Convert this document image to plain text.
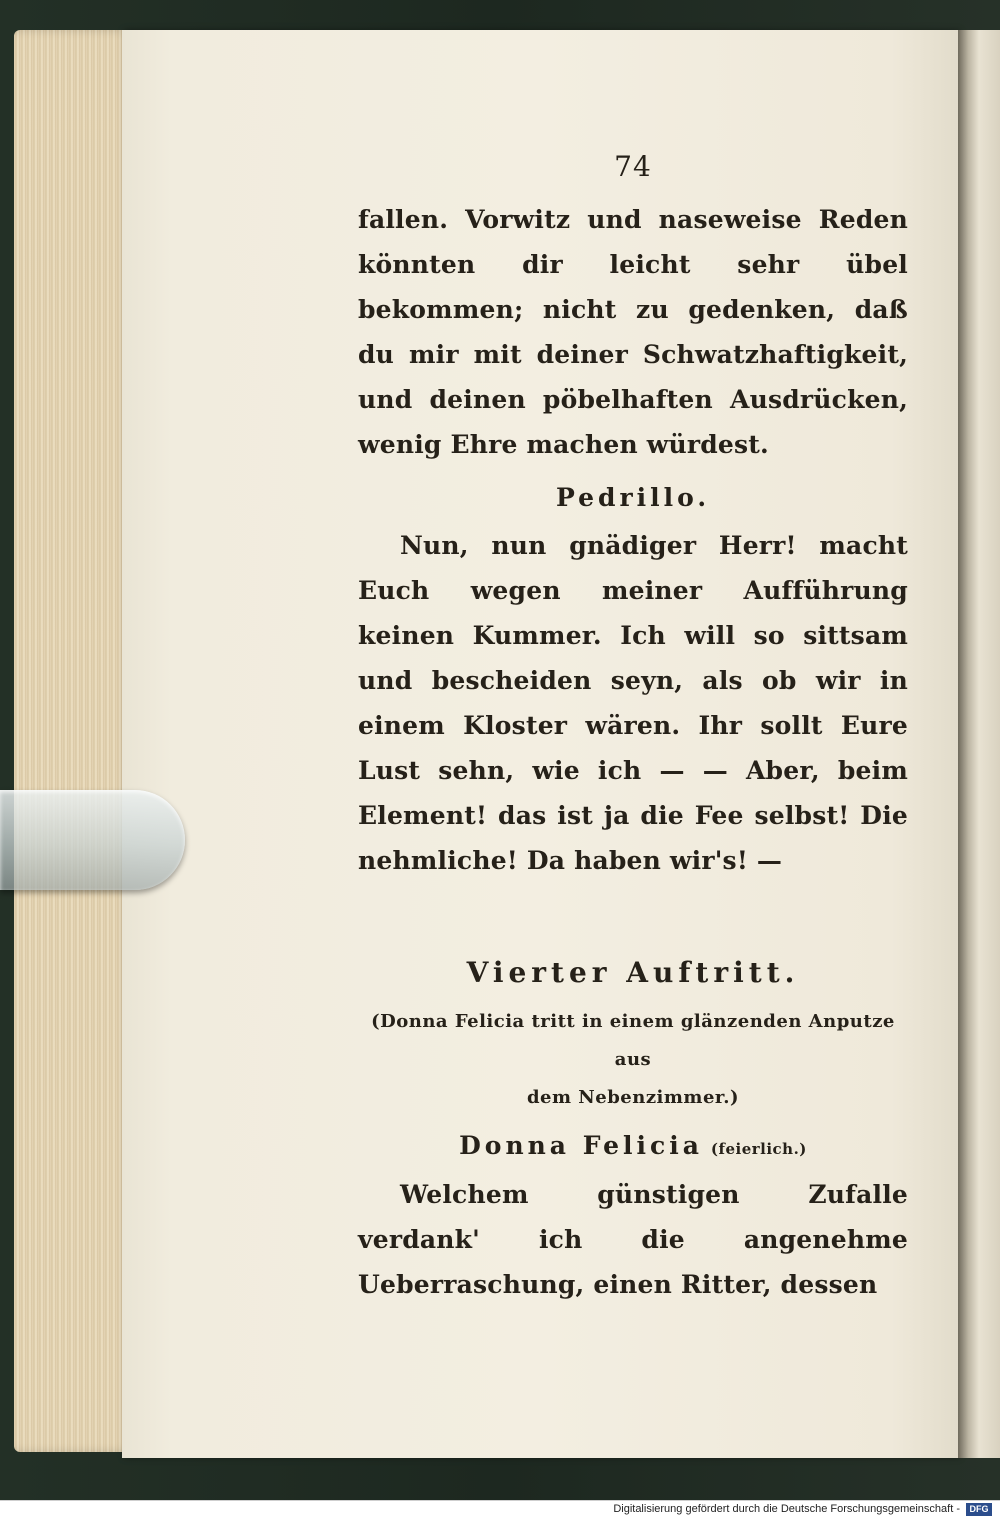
74

fallen. Vorwitz und naseweise Reden könnten dir leicht sehr übel bekommen; nicht zu gedenken, daß du mir mit deiner Schwatzhaftigkeit, und deinen pöbelhaften Ausdrücken, wenig Ehre machen würdest.

Pedrillo.

Nun, nun gnädiger Herr! macht Euch wegen meiner Aufführung keinen Kummer. Ich will so sittsam und bescheiden seyn, als ob wir in einem Kloster wären. Ihr sollt Eure Lust sehn, wie ich — — Aber, beim Element! das ist ja die Fee selbst! Die nehmliche! Da haben wir's! —

Vierter Auftritt.
(Donna Felicia tritt in einem glänzenden Anputze aus
dem Nebenzimmer.)
Donna Felicia (feierlich.)

Welchem günstigen Zufalle verdank' ich die angenehme Ueberraschung, einen Ritter, dessen

Digitalisierung gefördert durch die Deutsche Forschungsgemeinschaft -	DFG
